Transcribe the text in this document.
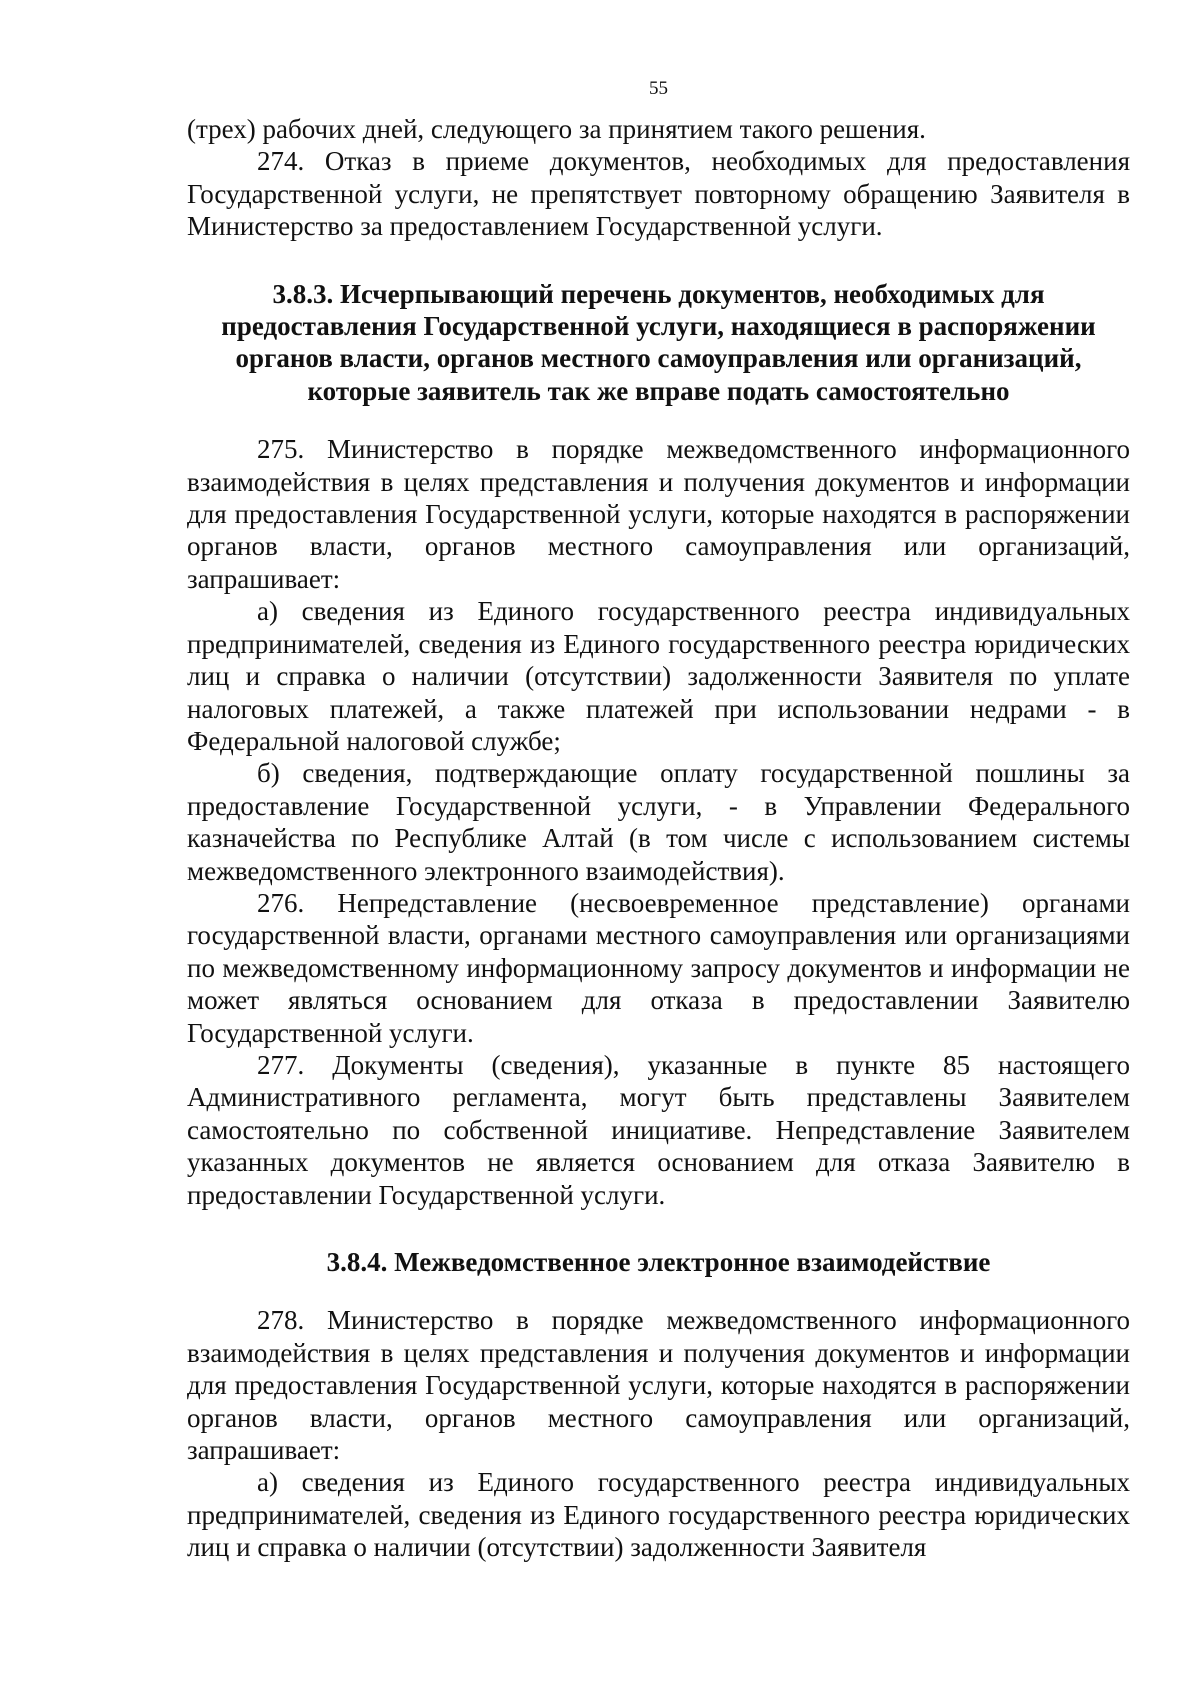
55

(трех) рабочих дней, следующего за принятием такого решения.

274. Отказ в приеме документов, необходимых для предоставления Государственной услуги, не препятствует повторному обращению Заявителя в Министерство за предоставлением Государственной услуги.

3.8.3. Исчерпывающий перечень документов, необходимых для предоставления Государственной услуги, находящиеся в распоряжении органов власти, органов местного самоуправления или организаций, которые заявитель так же вправе подать самостоятельно

275. Министерство в порядке межведомственного информационного взаимодействия в целях представления и получения документов и информации для предоставления Государственной услуги, которые находятся в распоряжении органов власти, органов местного самоуправления или организаций, запрашивает:

а) сведения из Единого государственного реестра индивидуальных предпринимателей, сведения из Единого государственного реестра юридических лиц и справка о наличии (отсутствии) задолженности Заявителя по уплате налоговых платежей, а также платежей при использовании недрами - в Федеральной налоговой службе;

б) сведения, подтверждающие оплату государственной пошлины за предоставление Государственной услуги, - в Управлении Федерального казначейства по Республике Алтай (в том числе с использованием системы межведомственного электронного взаимодействия).

276. Непредставление (несвоевременное представление) органами государственной власти, органами местного самоуправления или организациями по межведомственному информационному запросу документов и информации не может являться основанием для отказа в предоставлении Заявителю Государственной услуги.

277. Документы (сведения), указанные в пункте 85 настоящего Административного регламента, могут быть представлены Заявителем самостоятельно по собственной инициативе. Непредставление Заявителем указанных документов не является основанием для отказа Заявителю в предоставлении Государственной услуги.

3.8.4. Межведомственное электронное взаимодействие

278. Министерство в порядке межведомственного информационного взаимодействия в целях представления и получения документов и информации для предоставления Государственной услуги, которые находятся в распоряжении органов власти, органов местного самоуправления или организаций, запрашивает:

а) сведения из Единого государственного реестра индивидуальных предпринимателей, сведения из Единого государственного реестра юридических лиц и справка о наличии (отсутствии) задолженности Заявителя
